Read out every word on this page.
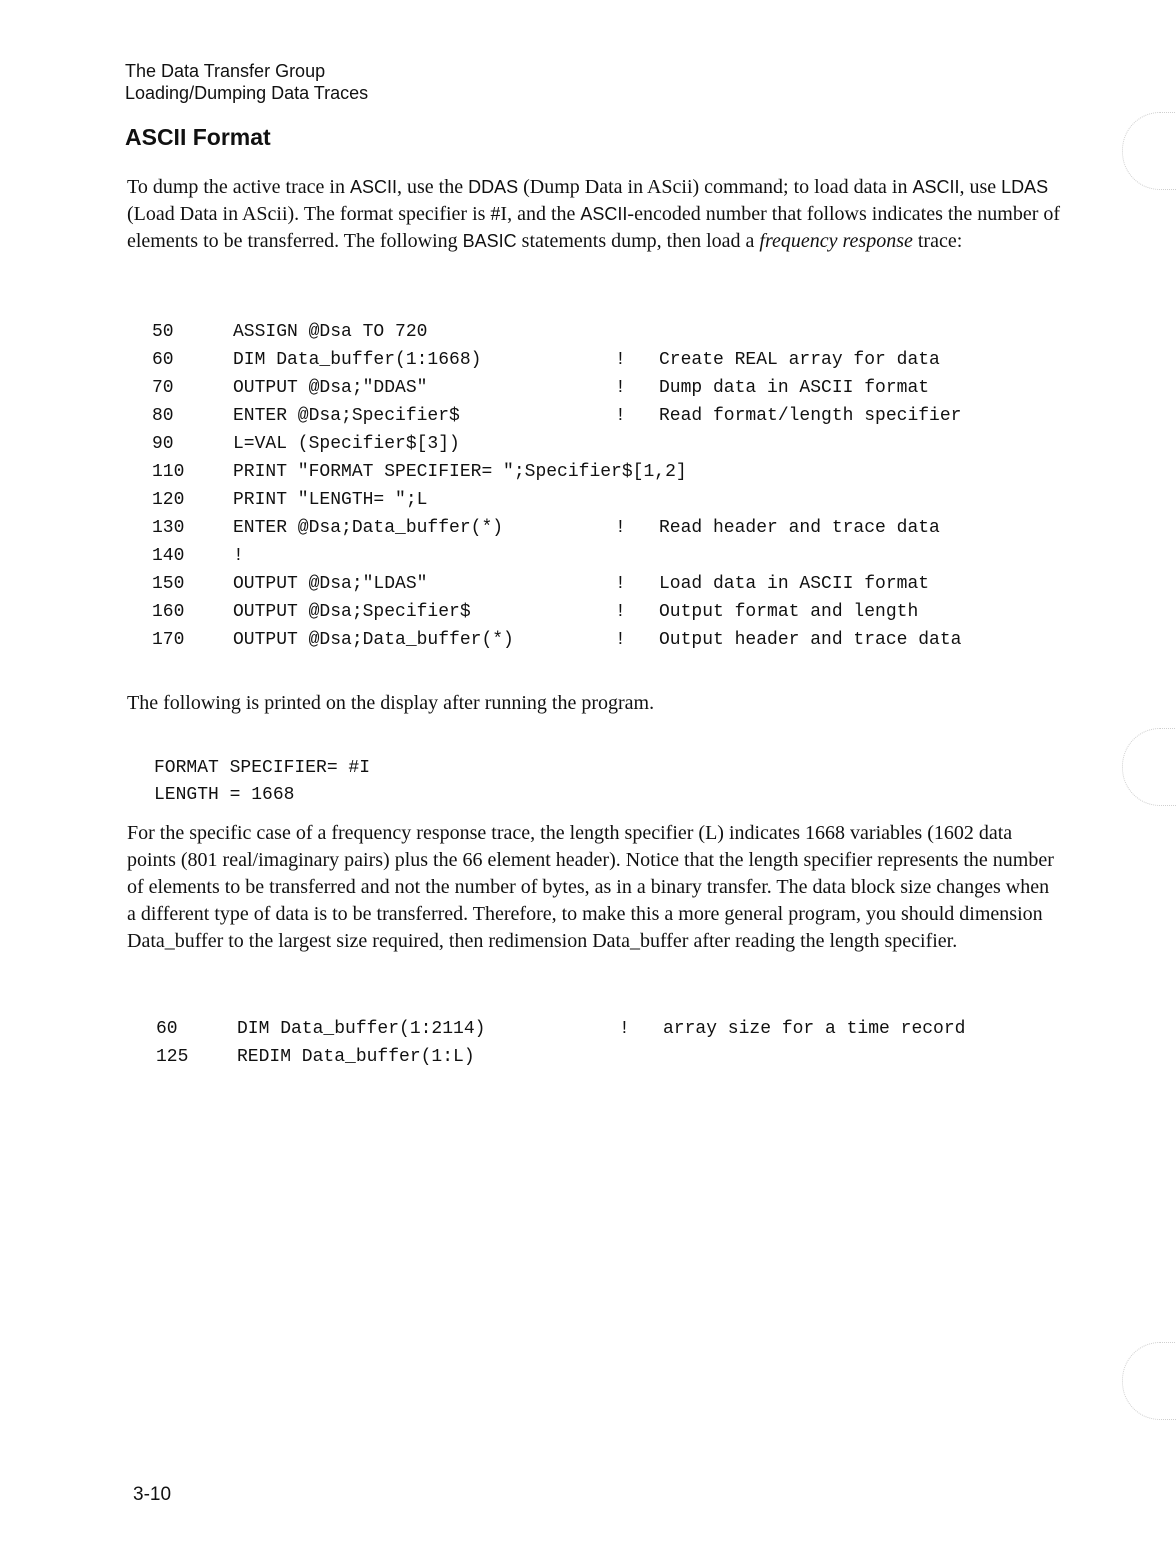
The Data Transfer Group
Loading/Dumping Data Traces
ASCII Format

To dump the active trace in ASCII, use the DDAS (Dump Data in AScii) command; to load data in ASCII, use LDAS (Load Data in AScii). The format specifier is #I, and the ASCII-encoded number that follows indicates the number of elements to be transferred. The following BASIC statements dump, then load a frequency response trace:

50	ASSIGN @Dsa TO 720
60	DIM Data_buffer(1:1668)	! Create REAL array for data
70	OUTPUT @Dsa;"DDAS"	! Dump data in ASCII format
80	ENTER @Dsa;Specifier$	! Read format/length specifier
90	L=VAL (Specifier$[3])
110	PRINT "FORMAT SPECIFIER= ";Specifier$[1,2]
120	PRINT "LENGTH= ";L
130	ENTER @Dsa;Data_buffer(*)	! Read header and trace data
140	!
150	OUTPUT @Dsa;"LDAS"	! Load data in ASCII format
160	OUTPUT @Dsa;Specifier$	! Output format and length
170	OUTPUT @Dsa;Data_buffer(*)	! Output header and trace data

The following is printed on the display after running the program.

FORMAT SPECIFIER= #I
LENGTH = 1668

For the specific case of a frequency response trace, the length specifier (L) indicates 1668 variables (1602 data points (801 real/imaginary pairs) plus the 66 element header). Notice that the length specifier represents the number of elements to be transferred and not the number of bytes, as in a binary transfer. The data block size changes when a different type of data is to be transferred. Therefore, to make this a more general program, you should dimension Data_buffer to the largest size required, then redimension Data_buffer after reading the length specifier.

60	DIM Data_buffer(1:2114)	! array size for a time record
125	REDIM Data_buffer(1:L)
3-10
